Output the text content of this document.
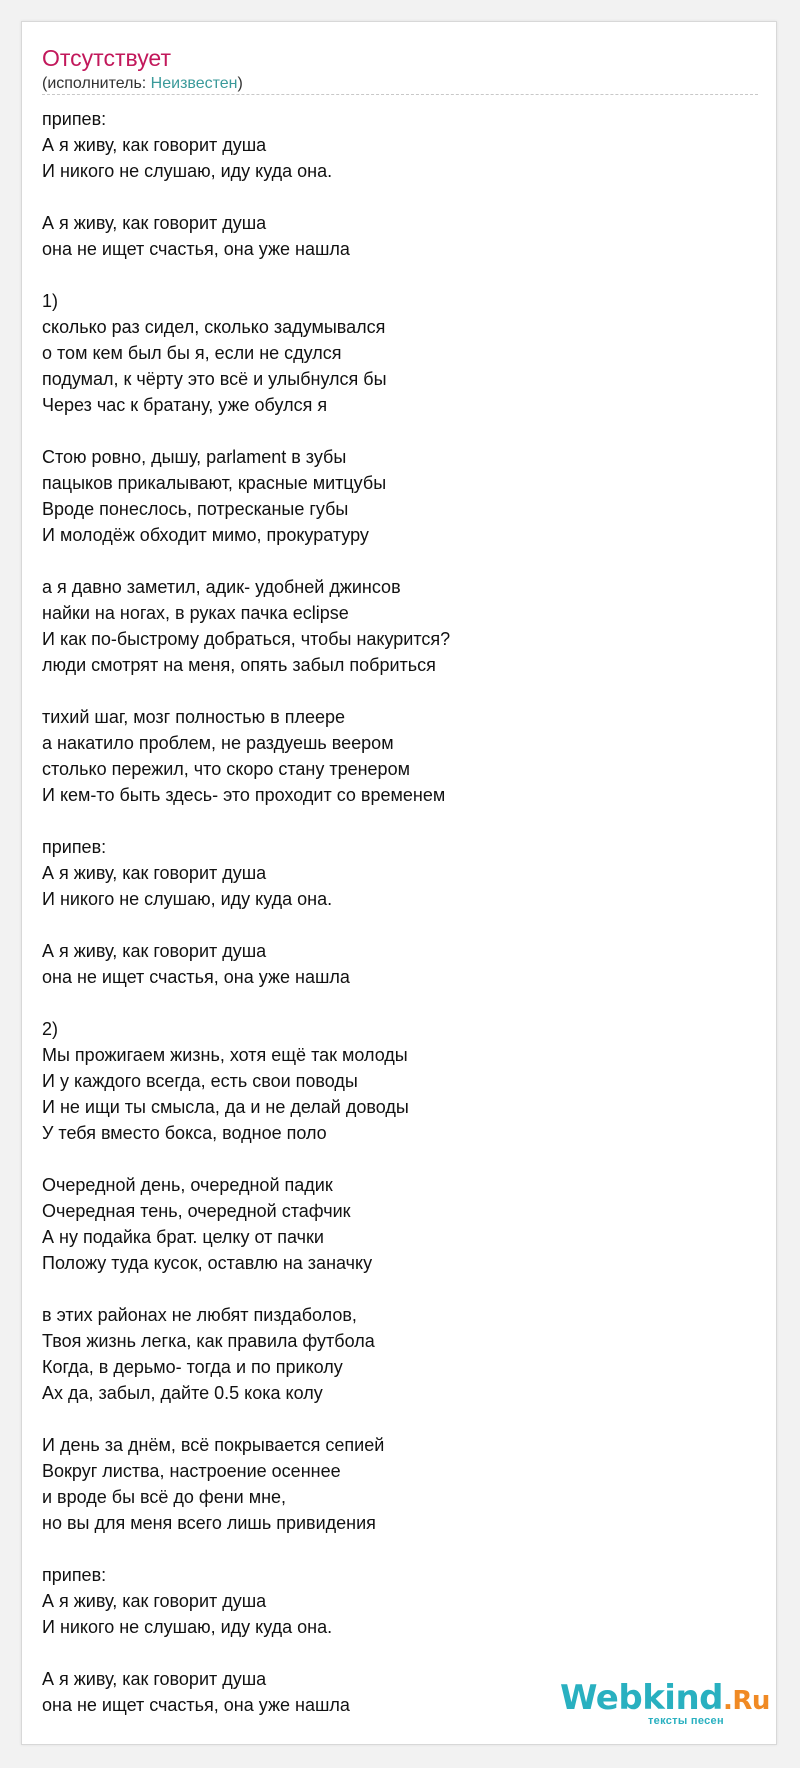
Отсутствует
(исполнитель: Неизвестен)
припев:
А я живу, как говорит душа
И никого не слушаю, иду куда она.

А я живу, как говорит душа
она не ищет счастья, она уже нашла

1)
сколько раз сидел, сколько задумывался
о том кем был бы я, если не сдулся
подумал, к чёрту это всё и улыбнулся бы
Через час к братану, уже обулся я

Стою ровно, дышу, parlament в зубы
пацыков прикалывают, красные митцубы
Вроде понеслось, потрескaные губы
И молодёж обходит мимо, прокуратуру

а я давно заметил, адик- удобней джинсов
найки на ногах, в руках пачка eclipse
И как по-быстрому добраться, чтобы накурится?
люди смотрят на меня, опять забыл побриться

тихий шаг, мозг полностью в плеере
а накатило проблем, не раздуешь веером
столько пережил, что скоро стану тренером
И кем-то быть здесь- это проходит со временем

припев:
А я живу, как говорит душа
И никого не слушаю, иду куда она.

А я живу, как говорит душа
она не ищет счастья, она уже нашла

2)
Мы прожигаем жизнь, хотя ещё так молоды
И у каждого всегда, есть свои поводы
И не ищи ты смысла, да и не делай доводы
У тебя вместо бокса, водное поло

Очередной день, очередной падик
Очередная тень, очередной стафчик
А ну подайка брат. целку от пачки
Положу туда кусок, оставлю на заначку

в этих районах не любят пиздаболов,
Твоя жизнь легка, как правила футбола
Когда, в дерьмо- тогда и по приколу
Ах да, забыл, дайте 0.5 кока колу

И день за днём, всё покрывается сепией
Вокруг листва, настроение осеннее
и вроде бы всё до фени мне,
но вы для меня всего лишь привидения

припев:
А я живу, как говорит душа
И никого не слушаю, иду куда она.

А я живу, как говорит душа
она не ищет счастья, она уже нашла	Webkind.Ru
тексты песен
